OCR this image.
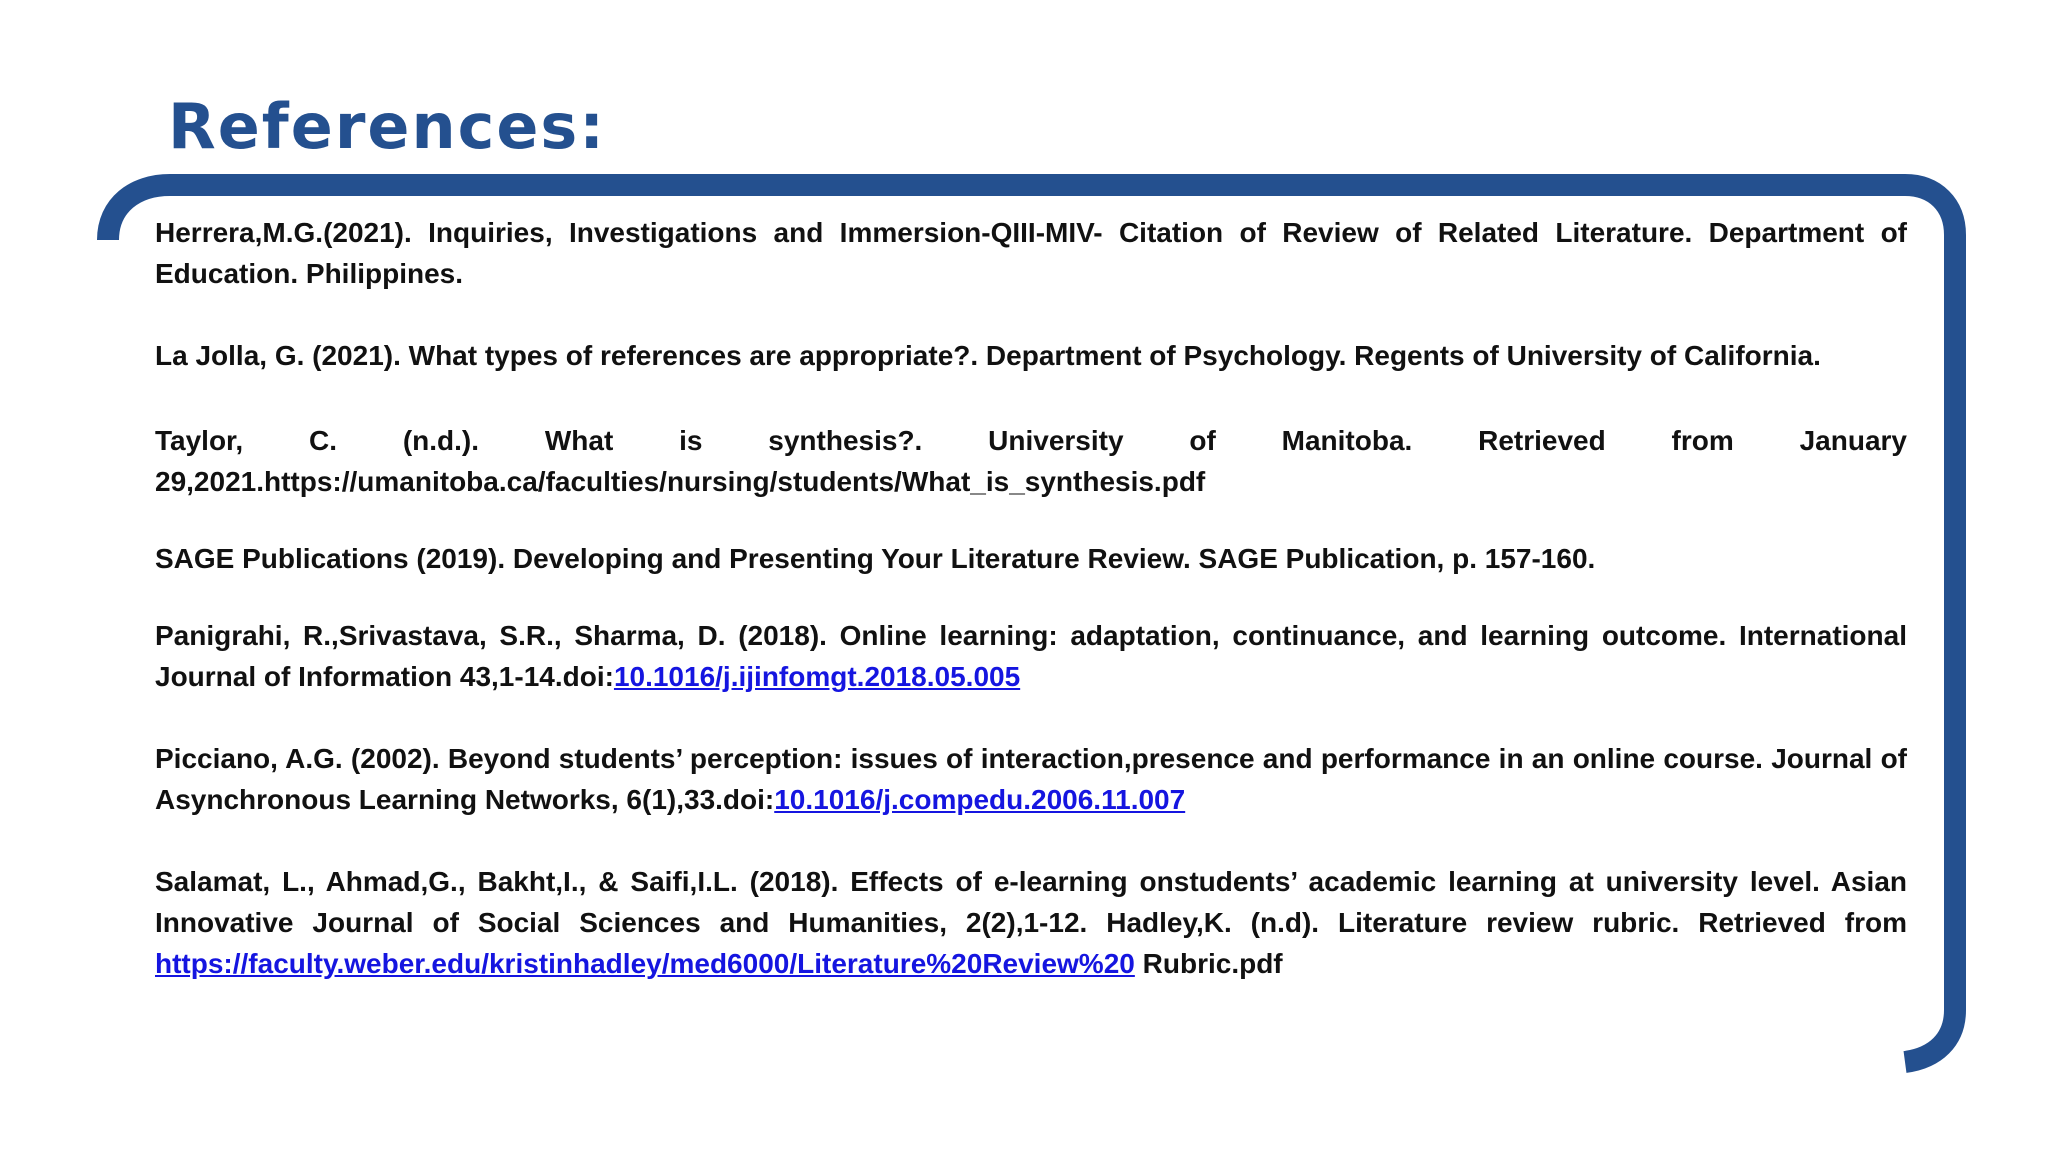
References:

Herrera,M.G.(2021). Inquiries, Investigations and Immersion-QIII-MIV- Citation of Review of Related Literature. Department of Education. Philippines.

La Jolla, G. (2021). What types of references are appropriate?. Department of Psychology. Regents of University of California.

Taylor, C. (n.d.). What is synthesis?. University of Manitoba. Retrieved from January 29,2021.https://umanitoba.ca/faculties/nursing/students/What_is_synthesis.pdf

SAGE Publications (2019). Developing and Presenting Your Literature Review. SAGE Publication, p. 157-160.

Panigrahi, R.,Srivastava, S.R., Sharma, D. (2018). Online learning: adaptation, continuance, and learning outcome. International Journal of Information 43,1-14.doi:10.1016/j.ijinfomgt.2018.05.005

Picciano, A.G. (2002). Beyond students’ perception: issues of interaction,presence and performance in an online course. Journal of Asynchronous Learning Networks, 6(1),33.doi:10.1016/j.compedu.2006.11.007

Salamat, L., Ahmad,G., Bakht,I., & Saifi,I.L. (2018). Effects of e-learning onstudents’ academic learning at university level. Asian Innovative Journal of Social Sciences and Humanities, 2(2),1-12. Hadley,K. (n.d). Literature review rubric. Retrieved from https://faculty.weber.edu/kristinhadley/med6000/Literature%20Review%20 Rubric.pdf
